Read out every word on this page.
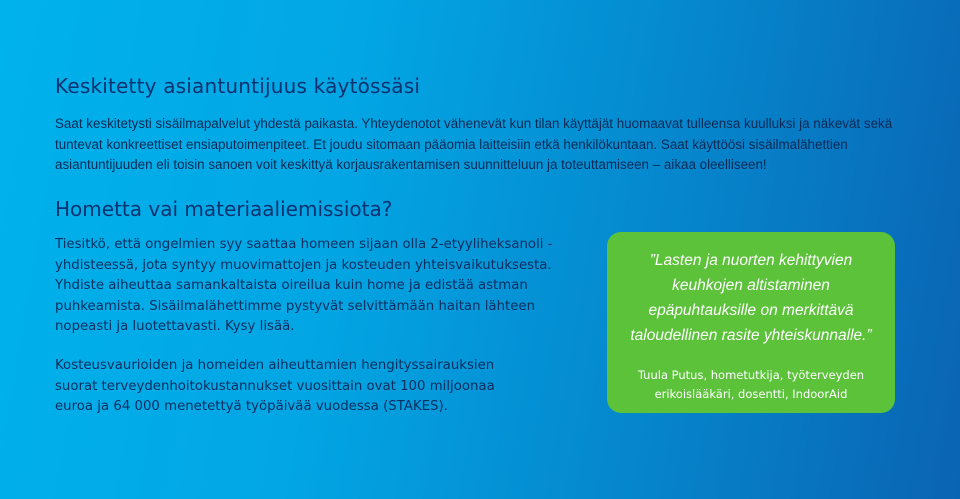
Keskitetty asiantuntijuus käytössäsi

Saat keskitetysti sisäilmapalvelut yhdestä paikasta. Yhteydenotot vähenevät kun tilan käyttäjät huomaavat tulleensa kuulluksi ja näkevät sekä tuntevat konkreettiset ensiaputoimenpiteet. Et joudu sitomaan pääomia laitteisiin etkä henkilökuntaan. Saat käyttöösi sisäilmalähettien asiantuntijuuden eli toisin sanoen voit keskittyä korjausrakentamisen suunnitteluun ja toteuttamiseen – aikaa oleelliseen!

Hometta vai materiaaliemissiota?

Tiesitkö, että ongelmien syy saattaa homeen sijaan olla 2-etyyliheksanoli -yhdisteessä, jota syntyy muovimattojen ja kosteuden yhteisvaikutuksesta. Yhdiste aiheuttaa samankaltaista oireilua kuin home ja edistää astman puhkeamista. Sisäilmalähettimme pystyvät selvittämään haitan lähteen nopeasti ja luotettavasti. Kysy lisää.

Kosteusvaurioiden ja homeiden aiheuttamien hengityssairauksien suorat terveydenhoitokustannukset vuosittain ovat 100 miljoonaa euroa ja 64 000 menetettyä työpäivää vuodessa (STAKES).

”Lasten ja nuorten kehittyvien keuhkojen altistaminen epäpuhtauksille on merkittävä taloudellinen rasite yhteiskunnalle.”

Tuula Putus, hometutkija, työterveyden
erikoislääkäri, dosentti, IndoorAid
